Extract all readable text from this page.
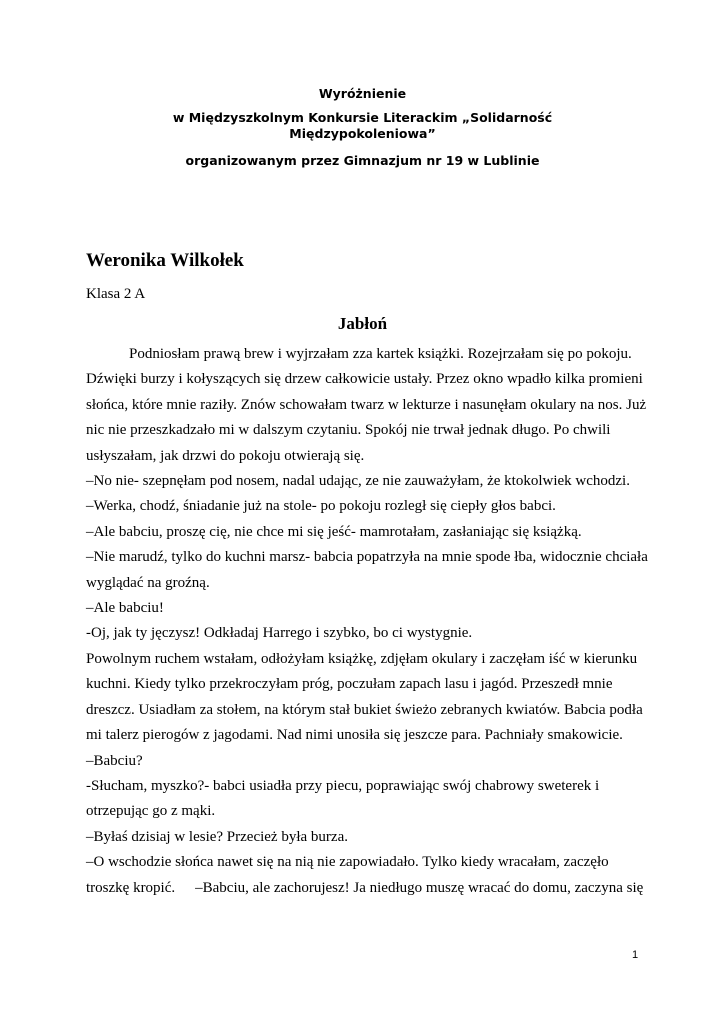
Wyróżnienie
w Międzyszkolnym Konkursie Literackim „Solidarność Międzypokoleniowa”
organizowanym przez Gimnazjum nr 19 w Lublinie
Weronika Wilkołek
Klasa 2 A
Jabłoń

Podniosłam prawą brew i wyjrzałam zza kartek książki. Rozejrzałam się po pokoju.

Dźwięki burzy i kołyszących się drzew całkowicie ustały. Przez okno wpadło kilka promieni

słońca, które mnie raziły. Znów schowałam twarz w lekturze i nasunęłam okulary na nos. Już

nic nie przeszkadzało mi w dalszym czytaniu. Spokój nie trwał jednak długo. Po chwili

usłyszałam, jak drzwi do pokoju otwierają się.

–No nie- szepnęłam pod nosem, nadal udając, ze nie zauważyłam, że ktokolwiek wchodzi.

–Werka, chodź, śniadanie już na stole- po pokoju rozległ się ciepły głos babci.

–Ale babciu, proszę cię, nie chce mi się jeść- mamrotałam, zasłaniając się książką.

–Nie marudź, tylko do kuchni marsz- babcia popatrzyła na mnie spode łba, widocznie chciała

wyglądać na groźną.

–Ale babciu!

-Oj, jak ty jęczysz! Odkładaj Harrego i szybko, bo ci wystygnie.

Powolnym ruchem wstałam, odłożyłam książkę, zdjęłam okulary i zaczęłam iść w kierunku

kuchni. Kiedy tylko przekroczyłam próg, poczułam zapach lasu i jagód. Przeszedł mnie

dreszcz. Usiadłam za stołem, na którym stał bukiet świeżo zebranych kwiatów. Babcia podła

mi talerz pierogów z jagodami. Nad nimi unosiła się jeszcze para. Pachniały smakowicie.

–Babciu?

-Słucham, myszko?- babci usiadła przy piecu, poprawiając swój chabrowy sweterek i

otrzepując go z mąki.

–Byłaś dzisiaj w lesie? Przecież była burza.

–O wschodzie słońca nawet się na nią nie zapowiadało. Tylko kiedy wracałam, zaczęło

troszkę kropić. –Babciu, ale zachorujesz! Ja niedługo muszę wracać do domu, zaczyna się

1
